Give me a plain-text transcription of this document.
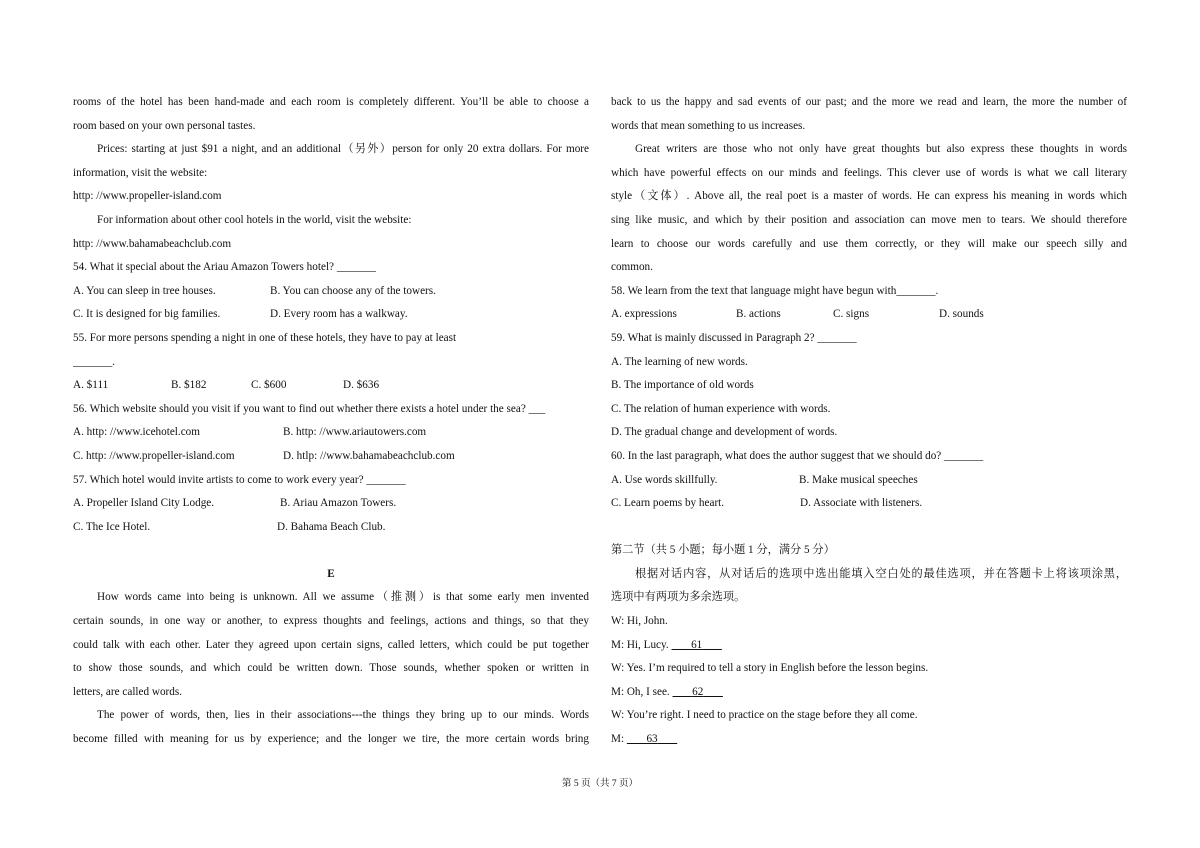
rooms of the hotel has been hand-made and each room is completely different. You’ll be able to choose a
room based on your own personal tastes.
Prices: starting at just $91 a night, and an additional（另外）person for only 20 extra dollars. For more
information, visit the website:
http: //www.propeller-island.com
For information about other cool hotels in the world, visit the website:
http: //www.bahamabeachclub.com
54. What it special about the Ariau Amazon Towers hotel? _______
A. You can sleep in tree houses.	B. You can choose any of the towers.
C. It is designed for big families.	D. Every room has a walkway.
55. For more persons spending a night in one of these hotels, they have to pay at least
_______.
A. $111	B. $182	C. $600	D. $636
56. Which website should you visit if you want to find out whether there exists a hotel under the sea? ___
A. http: //www.icehotel.com	B. http: //www.ariautowers.com
C. http: //www.propeller-island.com	D. htlp: //www.bahamabeachclub.com
57. Which hotel would invite artists to come to work every year? _______
A. Propeller Island City Lodge.	B. Ariau Amazon Towers.
C. The Ice Hotel.	D. Bahama Beach Club.
E
How words came into being is unknown. All we assume（推测）is that some early men invented
certain sounds, in one way or another, to express thoughts and feelings, actions and things, so that they
could talk with each other. Later they agreed upon certain signs, called letters, which could be put together
to show those sounds, and which could be written down. Those sounds, whether spoken or written in
letters, are called words.
The power of words, then, lies in their associations---the things they bring up to our minds. Words
become filled with meaning for us by experience; and the longer we tire, the more certain words bring
back to us the happy and sad events of our past; and the more we read and learn, the more the number of
words that mean something to us increases.
Great writers are those who not only have great thoughts but also express these thoughts in words
which have powerful effects on our minds and feelings. This clever use of words is what we call literary
style（文体）. Above all, the real poet is a master of words. He can express his meaning in words which
sing like music, and which by their position and association can move men to tears. We should therefore
learn to choose our words carefully and use them correctly, or they will make our speech silly and
common.
58. We learn from the text that language might have begun with_______.
A. expressions	B. actions	C. signs	D. sounds
59. What is mainly discussed in Paragraph 2? _______
A. The learning of new words.
B. The importance of old words
C. The relation of human experience with words.
D. The gradual change and development of words.
60. In the last paragraph, what does the author suggest that we should do? _______
A. Use words skillfully.	B. Make musical speeches
C. Learn poems by heart.	D. Associate with listeners.
第二节（共 5 小题；每小题 1 分，满分 5 分）
根据对话内容，从对话后的选项中选出能填入空白处的最佳选项，并在答题卡上将该项涂黑，
选项中有两项为多余选项。
W: Hi, John.
M: Hi, Lucy.        61
W: Yes. I’m required to tell a story in English before the lesson begins.
M: Oh, I see.        62
W: You’re right. I need to practice on the stage before they all come.
M:        63
第 5 页（共 7 页）
